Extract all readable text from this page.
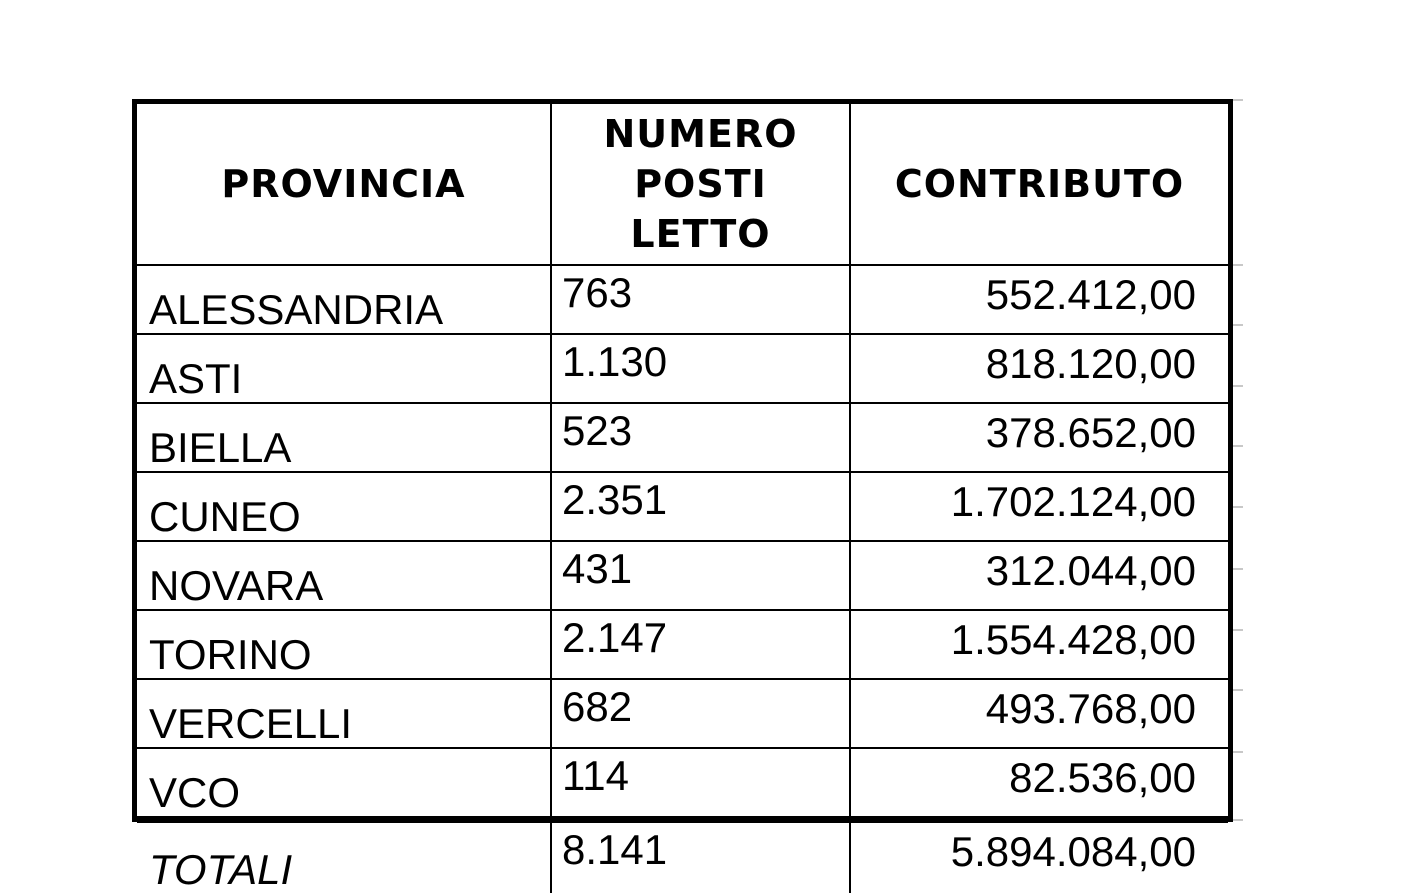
PROVINCIA	NUMERO POSTI LETTO	CONTRIBUTO
ALESSANDRIA	763	552.412,00
ASTI	1.130	818.120,00
BIELLA	523	378.652,00
CUNEO	2.351	1.702.124,00
NOVARA	431	312.044,00
TORINO	2.147	1.554.428,00
VERCELLI	682	493.768,00
VCO	114	82.536,00
TOTALI	8.141	5.894.084,00
